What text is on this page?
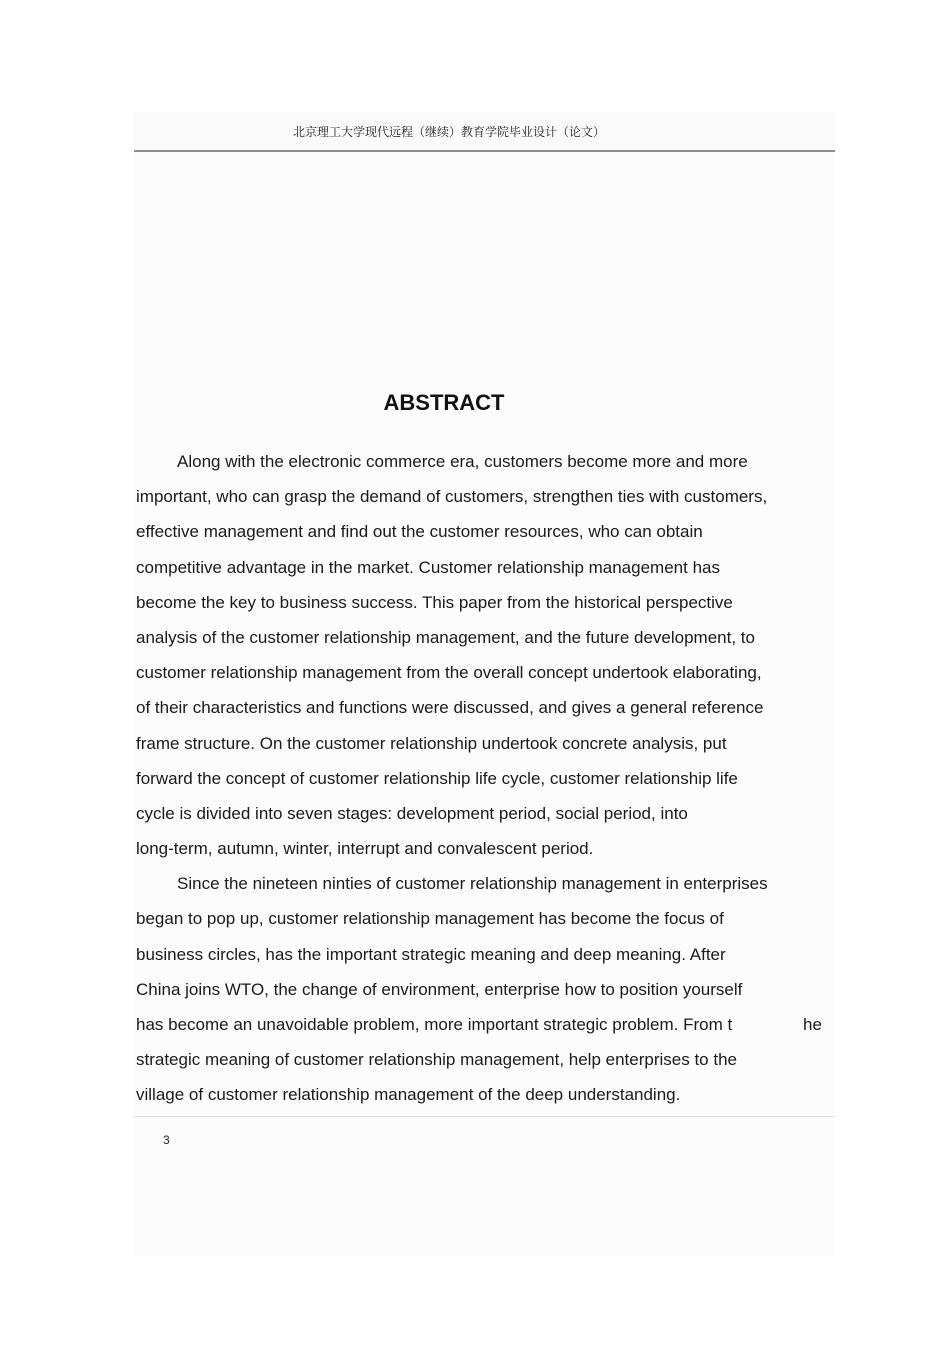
北京理工大学现代远程（继续）教育学院毕业设计（论文）
ABSTRACT
Along with the electronic commerce era, customers become more and more
important, who can grasp the demand of customers, strengthen ties with customers,
effective management and find out the customer resources, who can obtain
competitive advantage in the market. Customer relationship management has
become the key to business success. This paper from the historical perspective
analysis of the customer relationship management, and the future development, to
customer relationship management from the overall concept undertook elaborating,
of their characteristics and functions were discussed, and gives a general reference
frame structure. On the customer relationship undertook concrete analysis, put
forward the concept of customer relationship life cycle, customer relationship life
cycle is divided into seven stages: development period, social period, into
long-term, autumn, winter, interrupt and convalescent period.
Since the nineteen ninties of customer relationship management in enterprises
began to pop up, customer relationship management has become the focus of
business circles, has the important strategic meaning and deep meaning. After
China joins WTO, the change of environment, enterprise how to position yourself
has become an unavoidable problem, more important strategic problem. From t	he
strategic meaning of customer relationship management, help enterprises to the
village of customer relationship management of the deep understanding.
3
